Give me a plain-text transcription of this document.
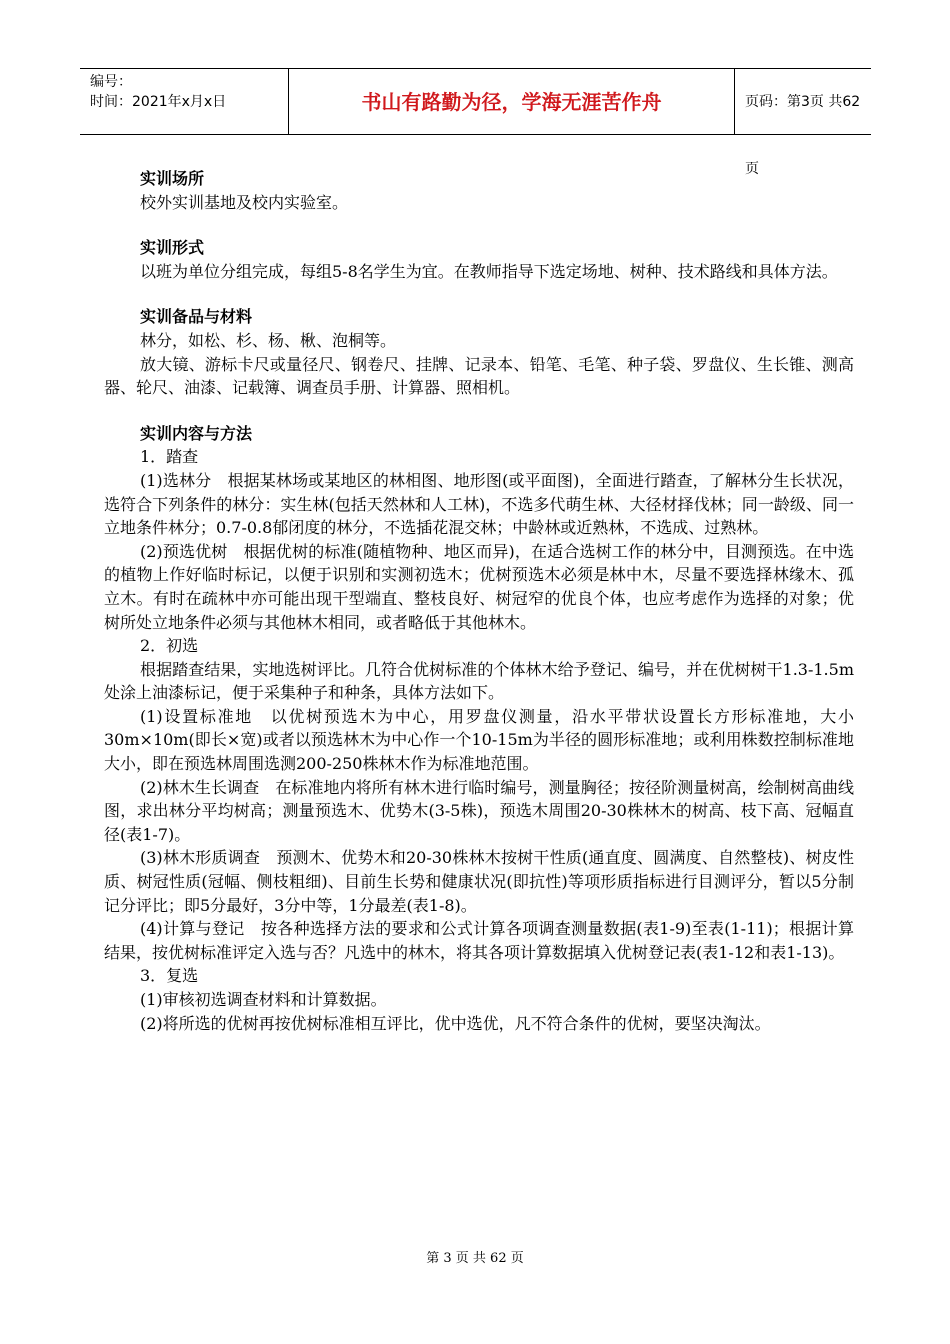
编号：
时间：2021年x月x日	书山有路勤为径，学海无涯苦作舟	页码：第3页 共62页
实训场所

校外实训基地及校内实验室。

实训形式

以班为单位分组完成，每组5-8名学生为宜。在教师指导下选定场地、树种、技术路线和具体方法。

实训备品与材料

林分，如松、杉、杨、楸、泡桐等。

放大镜、游标卡尺或量径尺、钢卷尺、挂牌、记录本、铅笔、毛笔、种子袋、罗盘仪、生长锥、测高器、轮尺、油漆、记载簿、调查员手册、计算器、照相机。

实训内容与方法

1．踏查

(1)选林分　根据某林场或某地区的林相图、地形图(或平面图)，全面进行踏查，了解林分生长状况，选符合下列条件的林分：实生林(包括天然林和人工林)，不选多代萌生林、大径材择伐林；同一龄级、同一立地条件林分；0.7-0.8郁闭度的林分，不选插花混交林；中龄林或近熟林，不选成、过熟林。

(2)预选优树　根据优树的标准(随植物种、地区而异)，在适合选树工作的林分中，目测预选。在中选的植物上作好临时标记，以便于识别和实测初选木；优树预选木必须是林中木，尽量不要选择林缘木、孤立木。有时在疏林中亦可能出现干型端直、整枝良好、树冠窄的优良个体，也应考虑作为选择的对象；优树所处立地条件必须与其他林木相同，或者略低于其他林木。

2．初选

根据踏查结果，实地选树评比。几符合优树标准的个体林木给予登记、编号，并在优树树干1.3-1.5m处涂上油漆标记，便于采集种子和种条，具体方法如下。

(1)设置标准地　以优树预选木为中心，用罗盘仪测量，沿水平带状设置长方形标准地，大小30m×10m(即长×宽)或者以预选林木为中心作一个10-15m为半径的圆形标准地；或利用株数控制标准地大小，即在预选林周围选测200-250株林木作为标准地范围。

(2)林木生长调查　在标准地内将所有林木进行临时编号，测量胸径；按径阶测量树高，绘制树高曲线图，求出林分平均树高；测量预选木、优势木(3-5株)，预选木周围20-30株林木的树高、枝下高、冠幅直径(表1-7)。

(3)林木形质调查　预测木、优势木和20-30株林木按树干性质(通直度、圆满度、自然整枝)、树皮性质、树冠性质(冠幅、侧枝粗细)、目前生长势和健康状况(即抗性)等项形质指标进行目测评分，暂以5分制记分评比；即5分最好，3分中等，1分最差(表1-8)。

(4)计算与登记　按各种选择方法的要求和公式计算各项调查测量数据(表1-9)至表(1-11)；根据计算结果，按优树标准评定入选与否？凡选中的林木，将其各项计算数据填入优树登记表(表1-12和表1-13)。

3．复选

(1)审核初选调查材料和计算数据。

(2)将所选的优树再按优树标准相互评比，优中选优，凡不符合条件的优树，要坚决淘汰。

第 3 页 共 62 页
